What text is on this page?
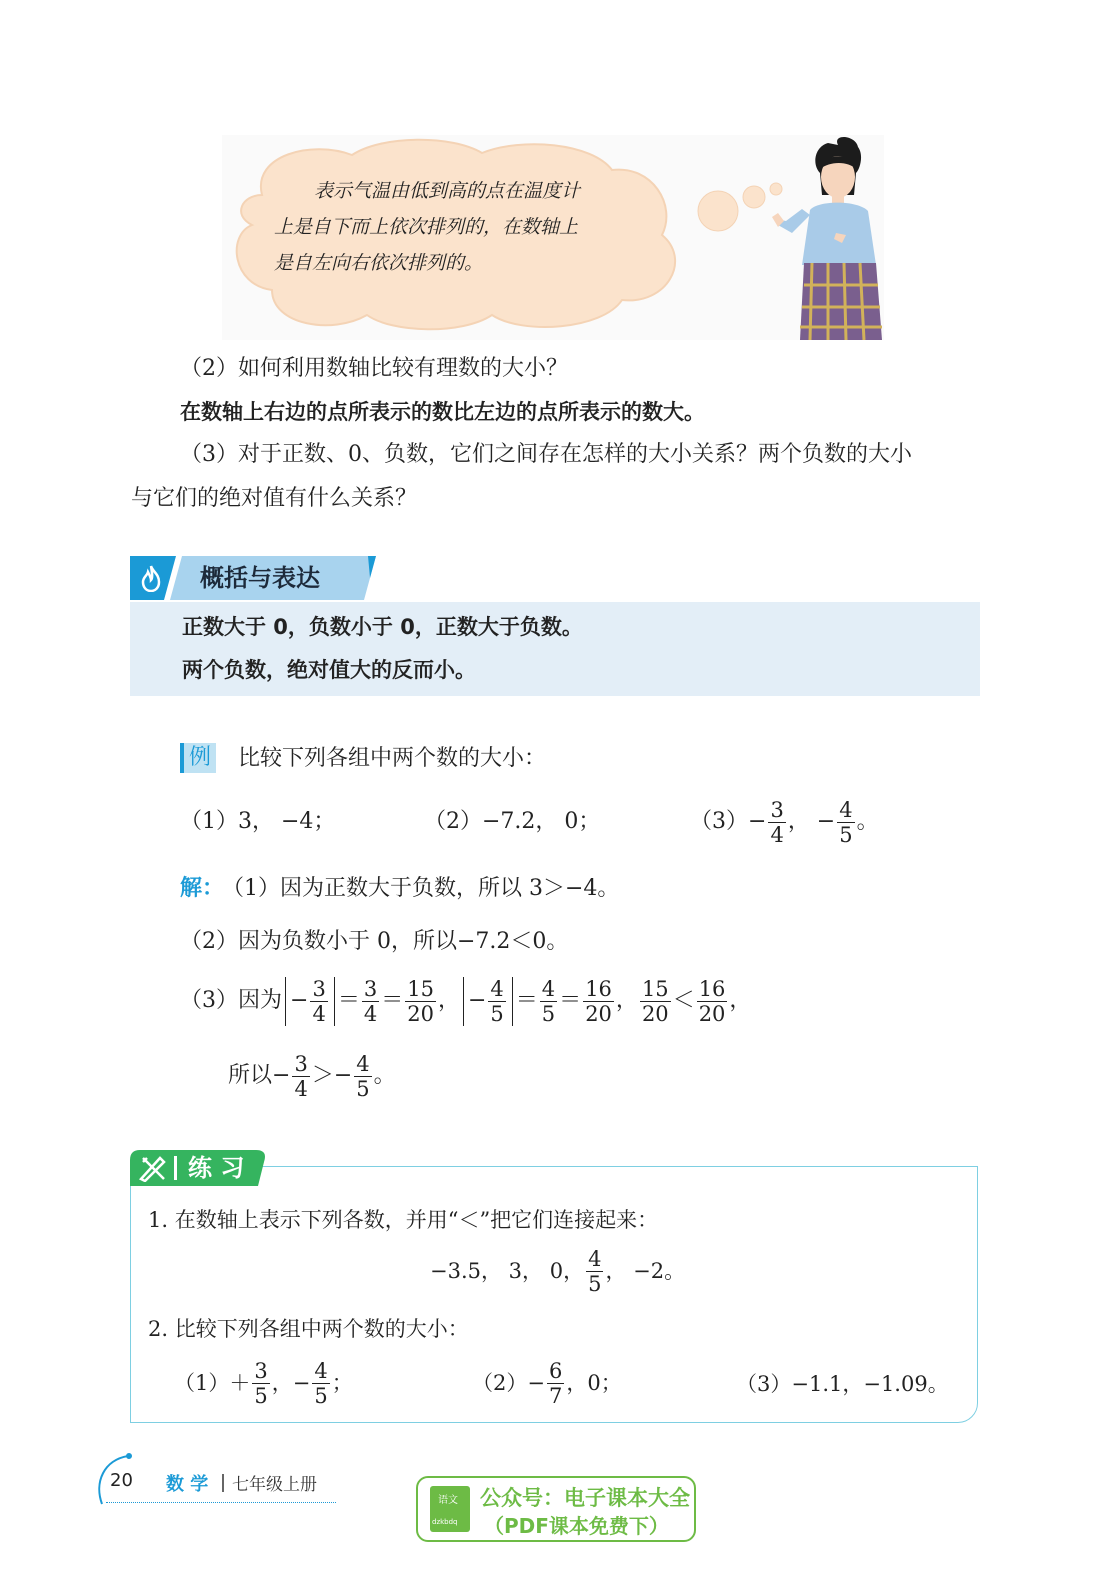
表示气温由低到高的点在温度计
上是自下而上依次排列的，在数轴上
是自左向右依次排列的。
（2）如何利用数轴比较有理数的大小？
在数轴上右边的点所表示的数比左边的点所表示的数大。
（3）对于正数、0、负数，它们之间存在怎样的大小关系？两个负数的大小
与它们的绝对值有什么关系？
概括与表达
正数大于 0，负数小于 0，正数大于负数。
两个负数，绝对值大的反而小。
例 比较下列各组中两个数的大小：
（1）3， −4；	（2）−7.2， 0；	$(3)- \frac{3}{4}$ ， − $\frac{4}{5}$ 。
解：
（1）因为正数大于负数，所以 3＞−4。
（2）因为负数小于 0，所以−7.2＜0。
（3）因为 − $\frac{3}{4} = \frac{3}{4} = \frac{15}{20}$ ， − $\frac{4}{5} = \frac{4}{5} = \frac{16}{20}$ ， $\frac{15}{20} < \frac{16}{20}$ ，
所以 − $\frac{3}{4}$ ＞ − $\frac{4}{5}$ 。
练 习
1. 在数轴上表示下列各数，并用“＜”把它们连接起来：
−3.5， 3， 0， $\frac{4}{5}$ ， −2。
2. 比较下列各组中两个数的大小：
$(1)+ \frac{3}{5}$ ，− $\frac{4}{5}$ ；	$(2)- \frac{6}{7}$ ，0；	（3）−1.1，−1.09。
20 数 学 七年级上册
语文
dzkbdq
公众号：电子课本大全
（PDF课本免费下）
